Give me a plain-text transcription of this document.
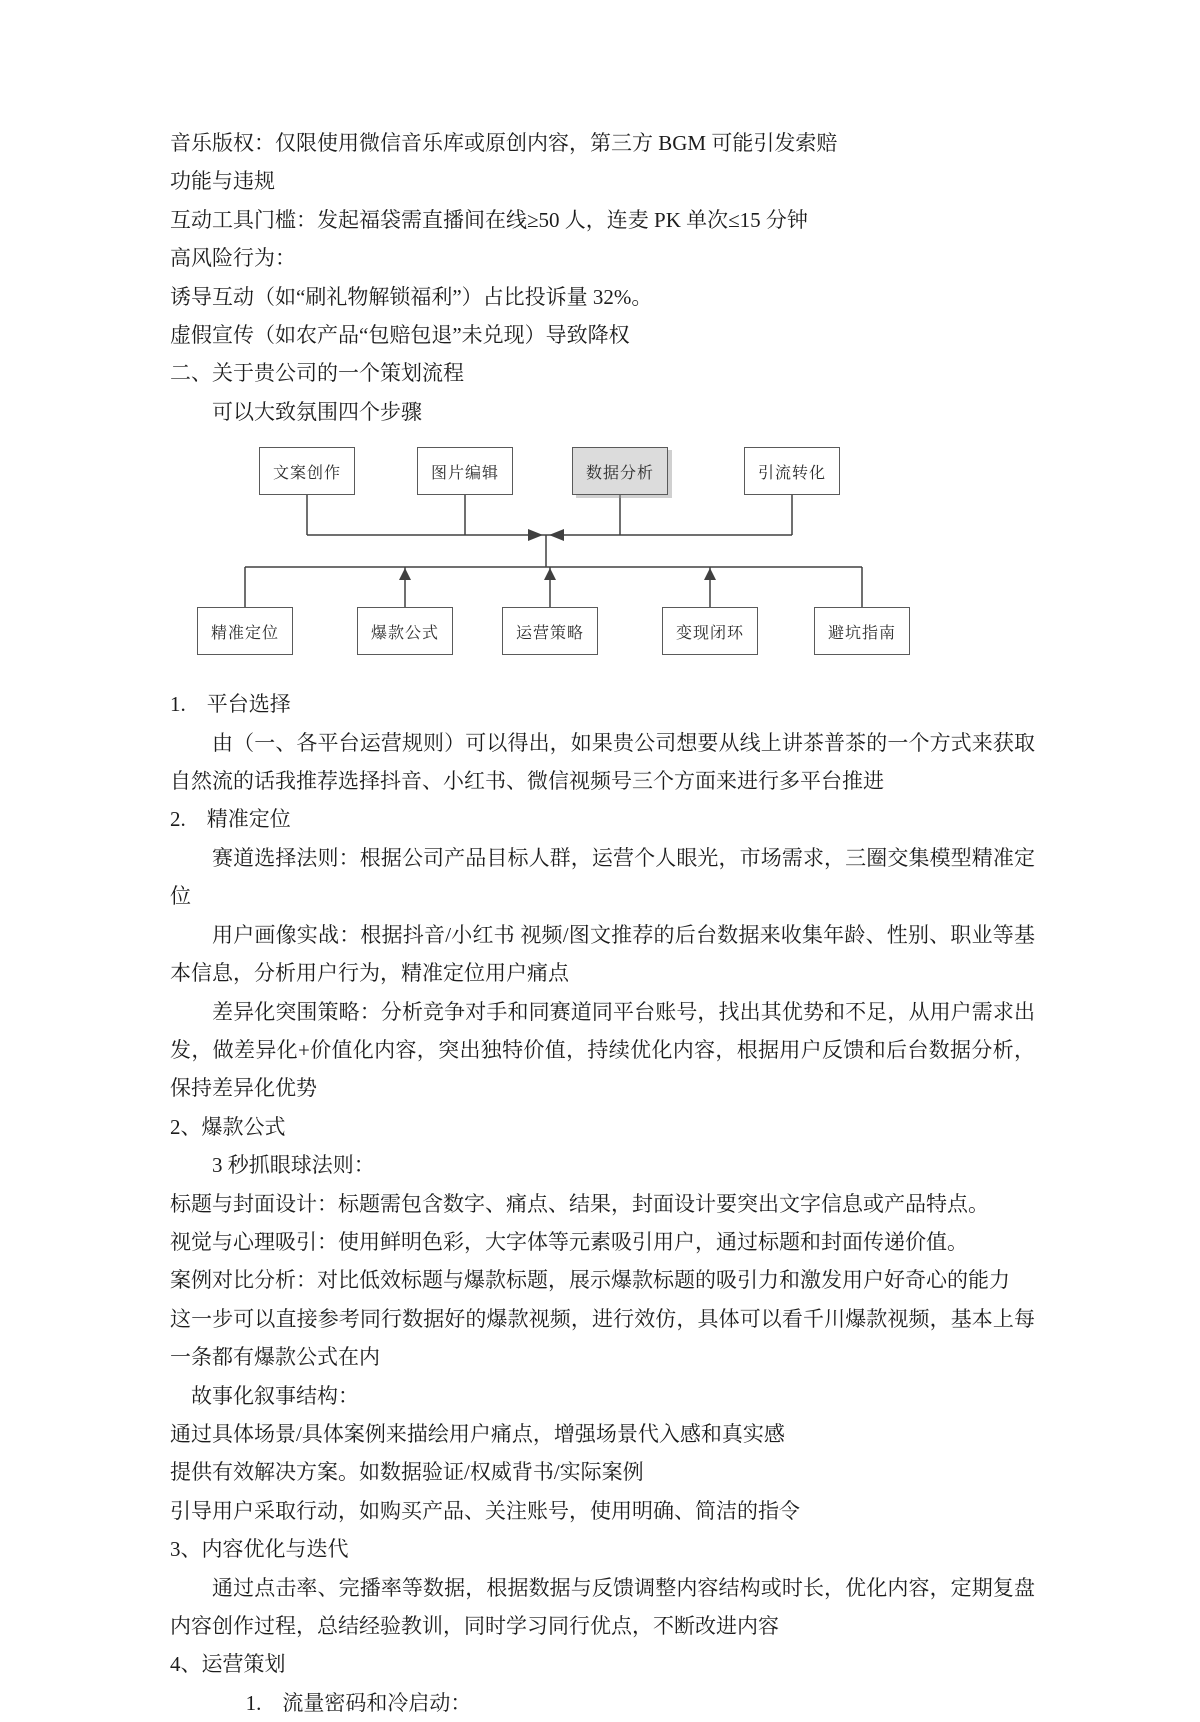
音乐版权：仅限使用微信音乐库或原创内容，第三方 BGM 可能引发索赔

功能与违规

互动工具门槛：发起福袋需直播间在线≥50 人，连麦 PK 单次≤15 分钟

高风险行为：

诱导互动（如“刷礼物解锁福利”）占比投诉量 32%。

虚假宣传（如农产品“包赔包退”未兑现）导致降权

二、关于贵公司的一个策划流程

可以大致氛围四个步骤

文案创作	图片编辑	数据分析	引流转化
精准定位	爆款公式	运营策略	变现闭环	避坑指南

1.　平台选择

由（一、各平台运营规则）可以得出，如果贵公司想要从线上讲茶普茶的一个方式来获取自然流的话我推荐选择抖音、小红书、微信视频号三个方面来进行多平台推进

2.　精准定位

赛道选择法则：根据公司产品目标人群，运营个人眼光，市场需求，三圈交集模型精准定位

用户画像实战：根据抖音/小红书 视频/图文推荐的后台数据来收集年龄、性别、职业等基本信息，分析用户行为，精准定位用户痛点

差异化突围策略：分析竞争对手和同赛道同平台账号，找出其优势和不足，从用户需求出发，做差异化+价值化内容，突出独特价值，持续优化内容，根据用户反馈和后台数据分析，保持差异化优势

2、爆款公式

3 秒抓眼球法则：

标题与封面设计：标题需包含数字、痛点、结果，封面设计要突出文字信息或产品特点。

视觉与心理吸引：使用鲜明色彩，大字体等元素吸引用户，通过标题和封面传递价值。

案例对比分析：对比低效标题与爆款标题，展示爆款标题的吸引力和激发用户好奇心的能力

这一步可以直接参考同行数据好的爆款视频，进行效仿，具体可以看千川爆款视频，基本上每一条都有爆款公式在内

故事化叙事结构：

通过具体场景/具体案例来描绘用户痛点，增强场景代入感和真实感

提供有效解决方案。如数据验证/权威背书/实际案例

引导用户采取行动，如购买产品、关注账号，使用明确、简洁的指令

3、内容优化与迭代

通过点击率、完播率等数据，根据数据与反馈调整内容结构或时长，优化内容，定期复盘内容创作过程，总结经验教训，同时学习同行优点，不断改进内容

4、运营策划

1.　流量密码和冷启动：
